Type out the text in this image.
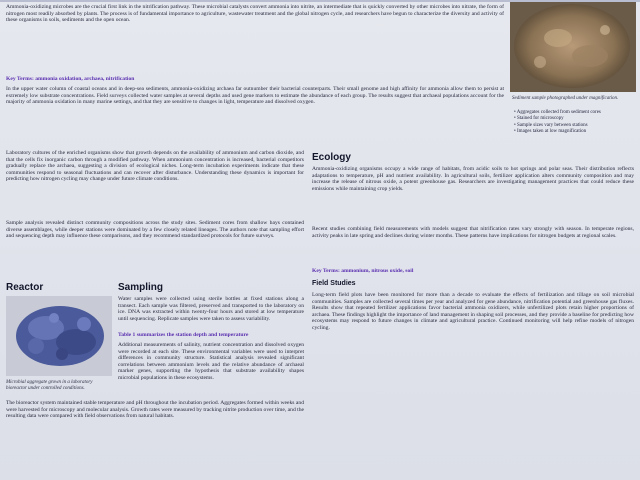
Ammonia-oxidizing microbes are the crucial first link in the nitrification pathway. These microbial catalysts convert ammonia into nitrite, an intermediate that is quickly converted by other microbes into nitrate, the form of nitrogen most readily absorbed by plants. The process is of fundamental importance to agriculture, wastewater treatment and the global nitrogen cycle, and researchers have begun to characterize the diversity and activity of these organisms in soils, sediments and the open ocean.

Sediment sample photographed under magnification.

• Aggregates collected from sediment cores
• Stained for microscopy
• Sample sizes vary between stations
• Images taken at low magnification

Key Terms: ammonia oxidation, archaea, nitrification

In the upper water column of coastal oceans and in deep-sea sediments, ammonia-oxidizing archaea far outnumber their bacterial counterparts. Their small genome and high affinity for ammonia allow them to persist at extremely low substrate concentrations. Field surveys collected water samples at several depths and used gene markers to estimate the abundance of each group. The results suggest that archaeal populations account for the majority of ammonia oxidation in many marine settings, and that they are sensitive to changes in light, temperature and dissolved oxygen.

Laboratory cultures of the enriched organisms show that growth depends on the availability of ammonium and carbon dioxide, and that the cells fix inorganic carbon through a modified pathway. When ammonium concentration is increased, bacterial competitors gradually replace the archaea, suggesting a division of ecological niches. Long-term incubation experiments indicate that these communities respond to seasonal fluctuations and can recover after disturbance. Understanding these dynamics is important for predicting how nitrogen cycling may change under future climate conditions.

Sample analysis revealed distinct community compositions across the study sites. Sediment cores from shallow bays contained diverse assemblages, while deeper stations were dominated by a few closely related lineages. The authors note that sampling effort and sequencing depth may influence these comparisons, and they recommend standardized protocols for future surveys.

Reactor

Microbial aggregate grown in a laboratory bioreactor under controlled conditions.

The bioreactor system maintained stable temperature and pH throughout the incubation period. Aggregates formed within weeks and were harvested for microscopy and molecular analysis. Growth rates were measured by tracking nitrite production over time, and the resulting data were compared with field observations from natural habitats.

Sampling

Water samples were collected using sterile bottles at fixed stations along a transect. Each sample was filtered, preserved and transported to the laboratory on ice. DNA was extracted within twenty-four hours and stored at low temperature until sequencing. Replicate samples were taken to assess variability.

Table 1 summarizes the station depth and temperature

Additional measurements of salinity, nutrient concentration and dissolved oxygen were recorded at each site. These environmental variables were used to interpret differences in community structure. Statistical analysis revealed significant correlations between ammonium levels and the relative abundance of archaeal marker genes, supporting the hypothesis that substrate availability shapes microbial populations in these ecosystems.

Ecology

Ammonia-oxidizing organisms occupy a wide range of habitats, from acidic soils to hot springs and polar seas. Their distribution reflects adaptations to temperature, pH and nutrient availability. In agricultural soils, fertilizer application alters community composition and may increase the release of nitrous oxide, a potent greenhouse gas. Researchers are investigating management practices that could reduce these emissions while maintaining crop yields.

Recent studies combining field measurements with models suggest that nitrification rates vary strongly with season. In temperate regions, activity peaks in late spring and declines during winter months. These patterns have implications for nitrogen budgets at regional scales.

Key Terms: ammonium, nitrous oxide, soil

Field Studies

Long-term field plots have been monitored for more than a decade to evaluate the effects of fertilization and tillage on soil microbial communities. Samples are collected several times per year and analyzed for gene abundance, nitrification potential and greenhouse gas fluxes. Results show that repeated fertilizer applications favor bacterial ammonia oxidizers, while unfertilized plots retain higher proportions of archaea. These findings highlight the importance of land management in shaping soil processes, and they provide a baseline for predicting how ecosystems may respond to future changes in climate and agricultural practice. Continued monitoring will help refine models of nitrogen cycling.
